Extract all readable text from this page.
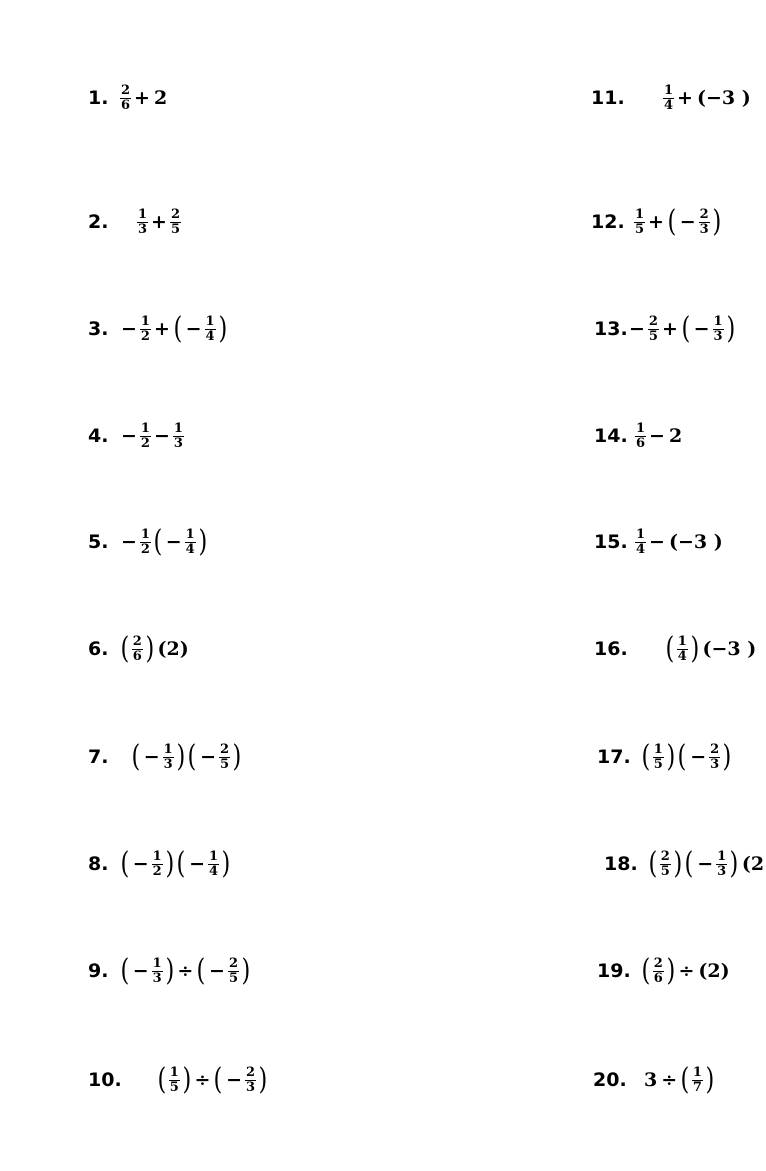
1. $\frac{2}{6} + 2$
2. $\frac{1}{3} + \frac{2}{5}$
3. − $\frac{1}{2}$ + ( − $\frac{1}{4}$ )
4. − $\frac{1}{2} - \frac{1}{3}$
5. − $\frac{1}{2}$ ( − $\frac{1}{4}$ )
6. ( $\frac{2}{6}$ ) (2)
7. ( − $\frac{1}{3}$ ) ( − $\frac{2}{5}$ )
8. ( − $\frac{1}{2}$ ) ( − $\frac{1}{4}$ )
9. ( − $\frac{1}{3}$ ) ÷ ( − $\frac{2}{5}$ )
10. ( $\frac{1}{5}$ ) ÷ ( − $\frac{2}{3}$ )
11.	$\frac{1}{4} + (-3$ )
12. $\frac{1}{5}$ + ( − $\frac{2}{3}$ )
13. − $\frac{2}{5}$ + ( − $\frac{1}{3}$ )
14. $\frac{1}{6} - 2$
15. $\frac{1}{4} - (-3$ )
16. ( $\frac{1}{4}$ ) (−3 )
17. ( $\frac{1}{5}$ ) ( − $\frac{2}{3}$ )
18. ( $\frac{2}{5}$ ) ( − $\frac{1}{3}$ ) (2
19. ( $\frac{2}{6}$ ) ÷ (2)
20. 3 ÷ ( $\frac{1}{7}$ )
